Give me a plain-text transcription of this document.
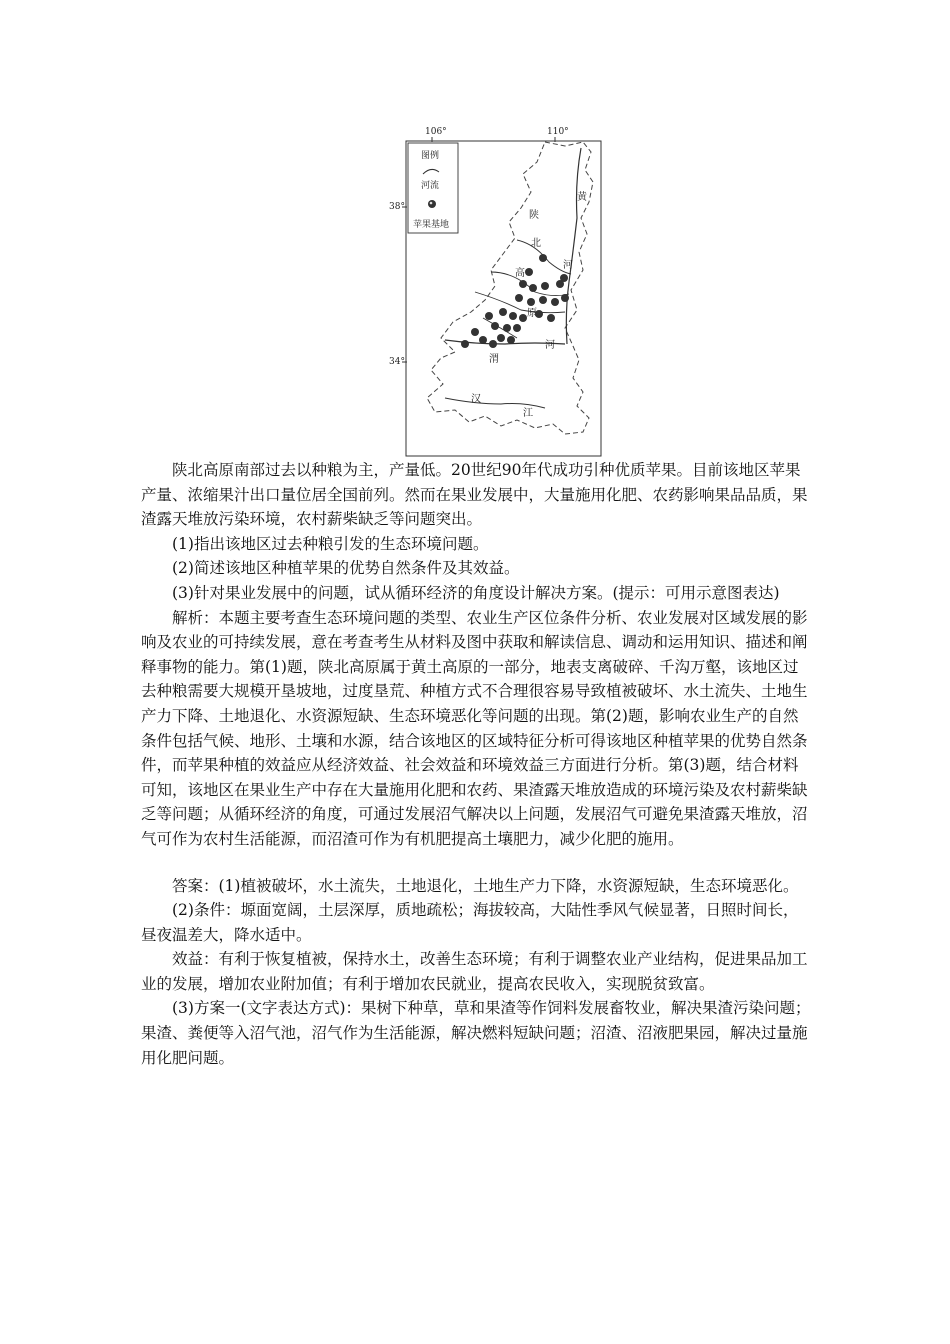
106°	110°
38°
34°
图例
河流
苹果基地
黄
河
陕
北
高
原
河
渭
汉
江

陕北高原南部过去以种粮为主，产量低。20世纪90年代成功引种优质苹果。目前该地区苹果产量、浓缩果汁出口量位居全国前列。然而在果业发展中，大量施用化肥、农药影响果品品质，果渣露天堆放污染环境，农村薪柴缺乏等问题突出。

(1)指出该地区过去种粮引发的生态环境问题。

(2)简述该地区种植苹果的优势自然条件及其效益。

(3)针对果业发展中的问题，试从循环经济的角度设计解决方案。(提示：可用示意图表达)

解析：本题主要考查生态环境问题的类型、农业生产区位条件分析、农业发展对区域发展的影响及农业的可持续发展，意在考查考生从材料及图中获取和解读信息、调动和运用知识、描述和阐释事物的能力。第(1)题，陕北高原属于黄土高原的一部分，地表支离破碎、千沟万壑，该地区过去种粮需要大规模开垦坡地，过度垦荒、种植方式不合理很容易导致植被破坏、水土流失、土地生产力下降、土地退化、水资源短缺、生态环境恶化等问题的出现。第(2)题，影响农业生产的自然条件包括气候、地形、土壤和水源，结合该地区的区域特征分析可得该地区种植苹果的优势自然条件，而苹果种植的效益应从经济效益、社会效益和环境效益三方面进行分析。第(3)题，结合材料可知，该地区在果业生产中存在大量施用化肥和农药、果渣露天堆放造成的环境污染及农村薪柴缺乏等问题；从循环经济的角度，可通过发展沼气解决以上问题，发展沼气可避免果渣露天堆放，沼气可作为农村生活能源，而沼渣可作为有机肥提高土壤肥力，减少化肥的施用。

答案：(1)植被破坏，水土流失，土地退化，土地生产力下降，水资源短缺，生态环境恶化。

(2)条件：塬面宽阔，土层深厚，质地疏松；海拔较高，大陆性季风气候显著，日照时间长，昼夜温差大，降水适中。

效益：有利于恢复植被，保持水土，改善生态环境；有利于调整农业产业结构，促进果品加工业的发展，增加农业附加值；有利于增加农民就业，提高农民收入，实现脱贫致富。

(3)方案一(文字表达方式)：果树下种草，草和果渣等作饲料发展畜牧业，解决果渣污染问题；果渣、粪便等入沼气池，沼气作为生活能源，解决燃料短缺问题；沼渣、沼液肥果园，解决过量施用化肥问题。
